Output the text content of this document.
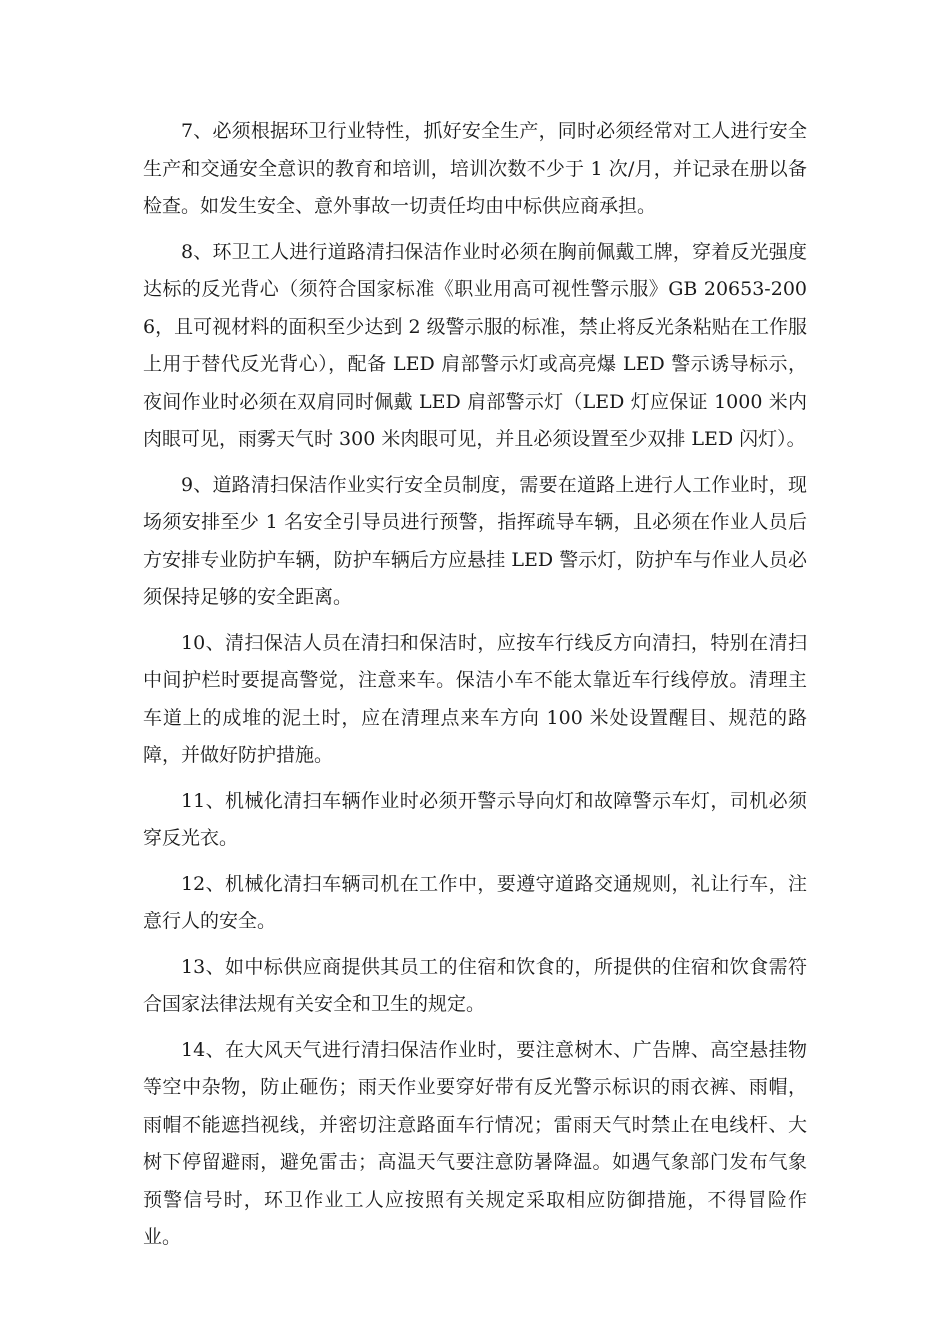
7、必须根据环卫行业特性，抓好安全生产，同时必须经常对工人进行安全生产和交通安全意识的教育和培训，培训次数不少于 1 次/月，并记录在册以备检查。如发生安全、意外事故一切责任均由中标供应商承担。

8、环卫工人进行道路清扫保洁作业时必须在胸前佩戴工牌，穿着反光强度达标的反光背心（须符合国家标准《职业用高可视性警示服》GB 20653-2006，且可视材料的面积至少达到 2 级警示服的标准，禁止将反光条粘贴在工作服上用于替代反光背心），配备 LED 肩部警示灯或高亮爆 LED 警示诱导标示，夜间作业时必须在双肩同时佩戴 LED 肩部警示灯（LED 灯应保证 1000 米内肉眼可见，雨雾天气时 300 米肉眼可见，并且必须设置至少双排 LED 闪灯）。

9、道路清扫保洁作业实行安全员制度，需要在道路上进行人工作业时，现场须安排至少 1 名安全引导员进行预警，指挥疏导车辆，且必须在作业人员后方安排专业防护车辆，防护车辆后方应悬挂 LED 警示灯，防护车与作业人员必须保持足够的安全距离。

10、清扫保洁人员在清扫和保洁时，应按车行线反方向清扫，特别在清扫中间护栏时要提高警觉，注意来车。保洁小车不能太靠近车行线停放。清理主车道上的成堆的泥土时，应在清理点来车方向 100 米处设置醒目、规范的路障，并做好防护措施。

11、机械化清扫车辆作业时必须开警示导向灯和故障警示车灯，司机必须穿反光衣。

12、机械化清扫车辆司机在工作中，要遵守道路交通规则，礼让行车，注意行人的安全。

13、如中标供应商提供其员工的住宿和饮食的，所提供的住宿和饮食需符合国家法律法规有关安全和卫生的规定。

14、在大风天气进行清扫保洁作业时，要注意树木、广告牌、高空悬挂物等空中杂物，防止砸伤；雨天作业要穿好带有反光警示标识的雨衣裤、雨帽，雨帽不能遮挡视线，并密切注意路面车行情况；雷雨天气时禁止在电线杆、大树下停留避雨，避免雷击；高温天气要注意防暑降温。如遇气象部门发布气象预警信号时，环卫作业工人应按照有关规定采取相应防御措施，不得冒险作业。
